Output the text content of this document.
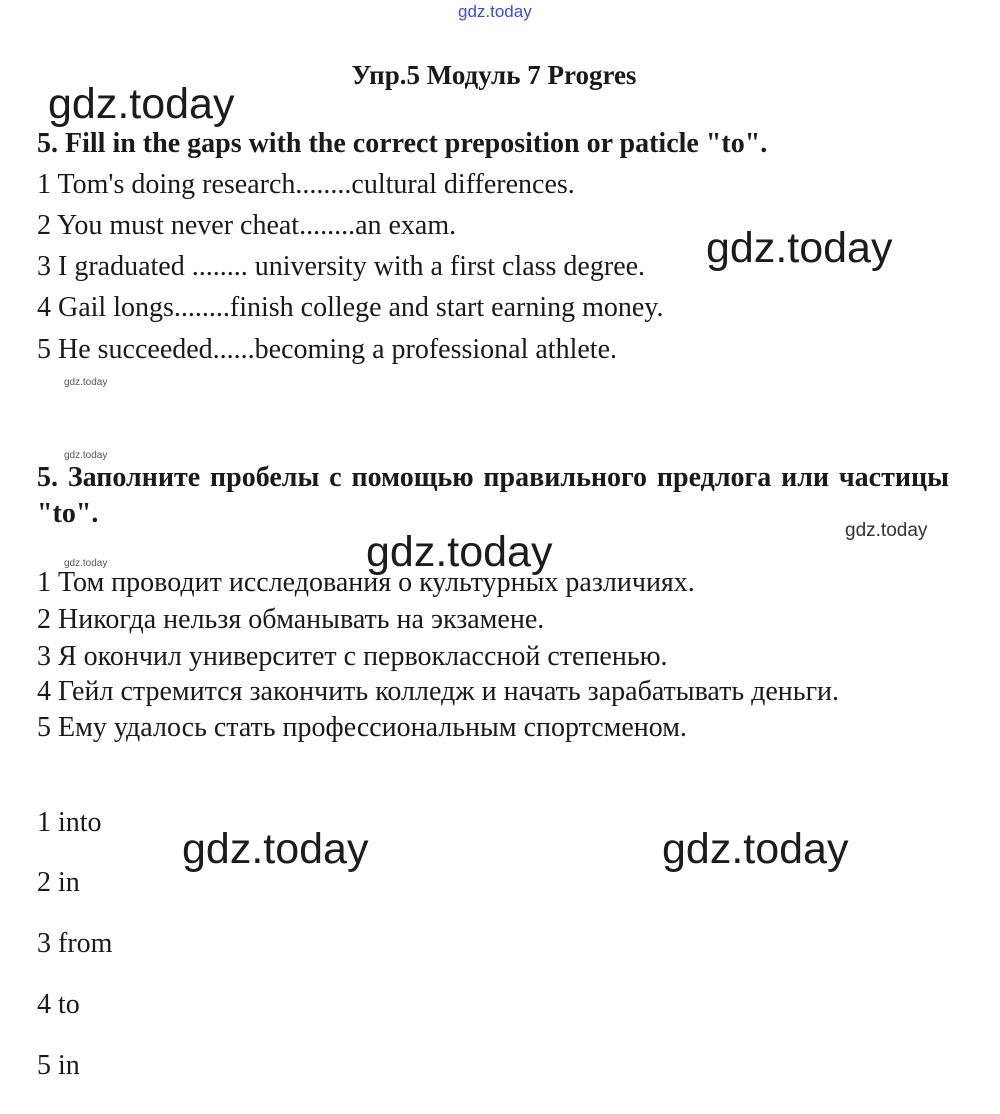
gdz.today
gdz.today
gdz.today
gdz.today
gdz.today
gdz.today
gdz.today
gdz.today
gdz.today	gdz.today
Упр.5 Модуль 7 Progres
5. Fill in the gaps with the correct preposition or paticle "to".
1 Tom's doing research........cultural differences.
2 You must never cheat........an exam.
3 I graduated ........ university with a first class degree.
4 Gail longs........finish college and start earning money.
5 He succeeded......becoming a professional athlete.
5. Заполните пробелы с помощью правильного предлога или частицы "to".
1 Том проводит исследования о культурных различиях.
2 Никогда нельзя обманывать на экзамене.
3 Я окончил университет с первоклассной степенью.
4 Гейл стремится закончить колледж и начать зарабатывать деньги.
5 Ему удалось стать профессиональным спортсменом.
1 into
2 in
3 from
4 to
5 in
